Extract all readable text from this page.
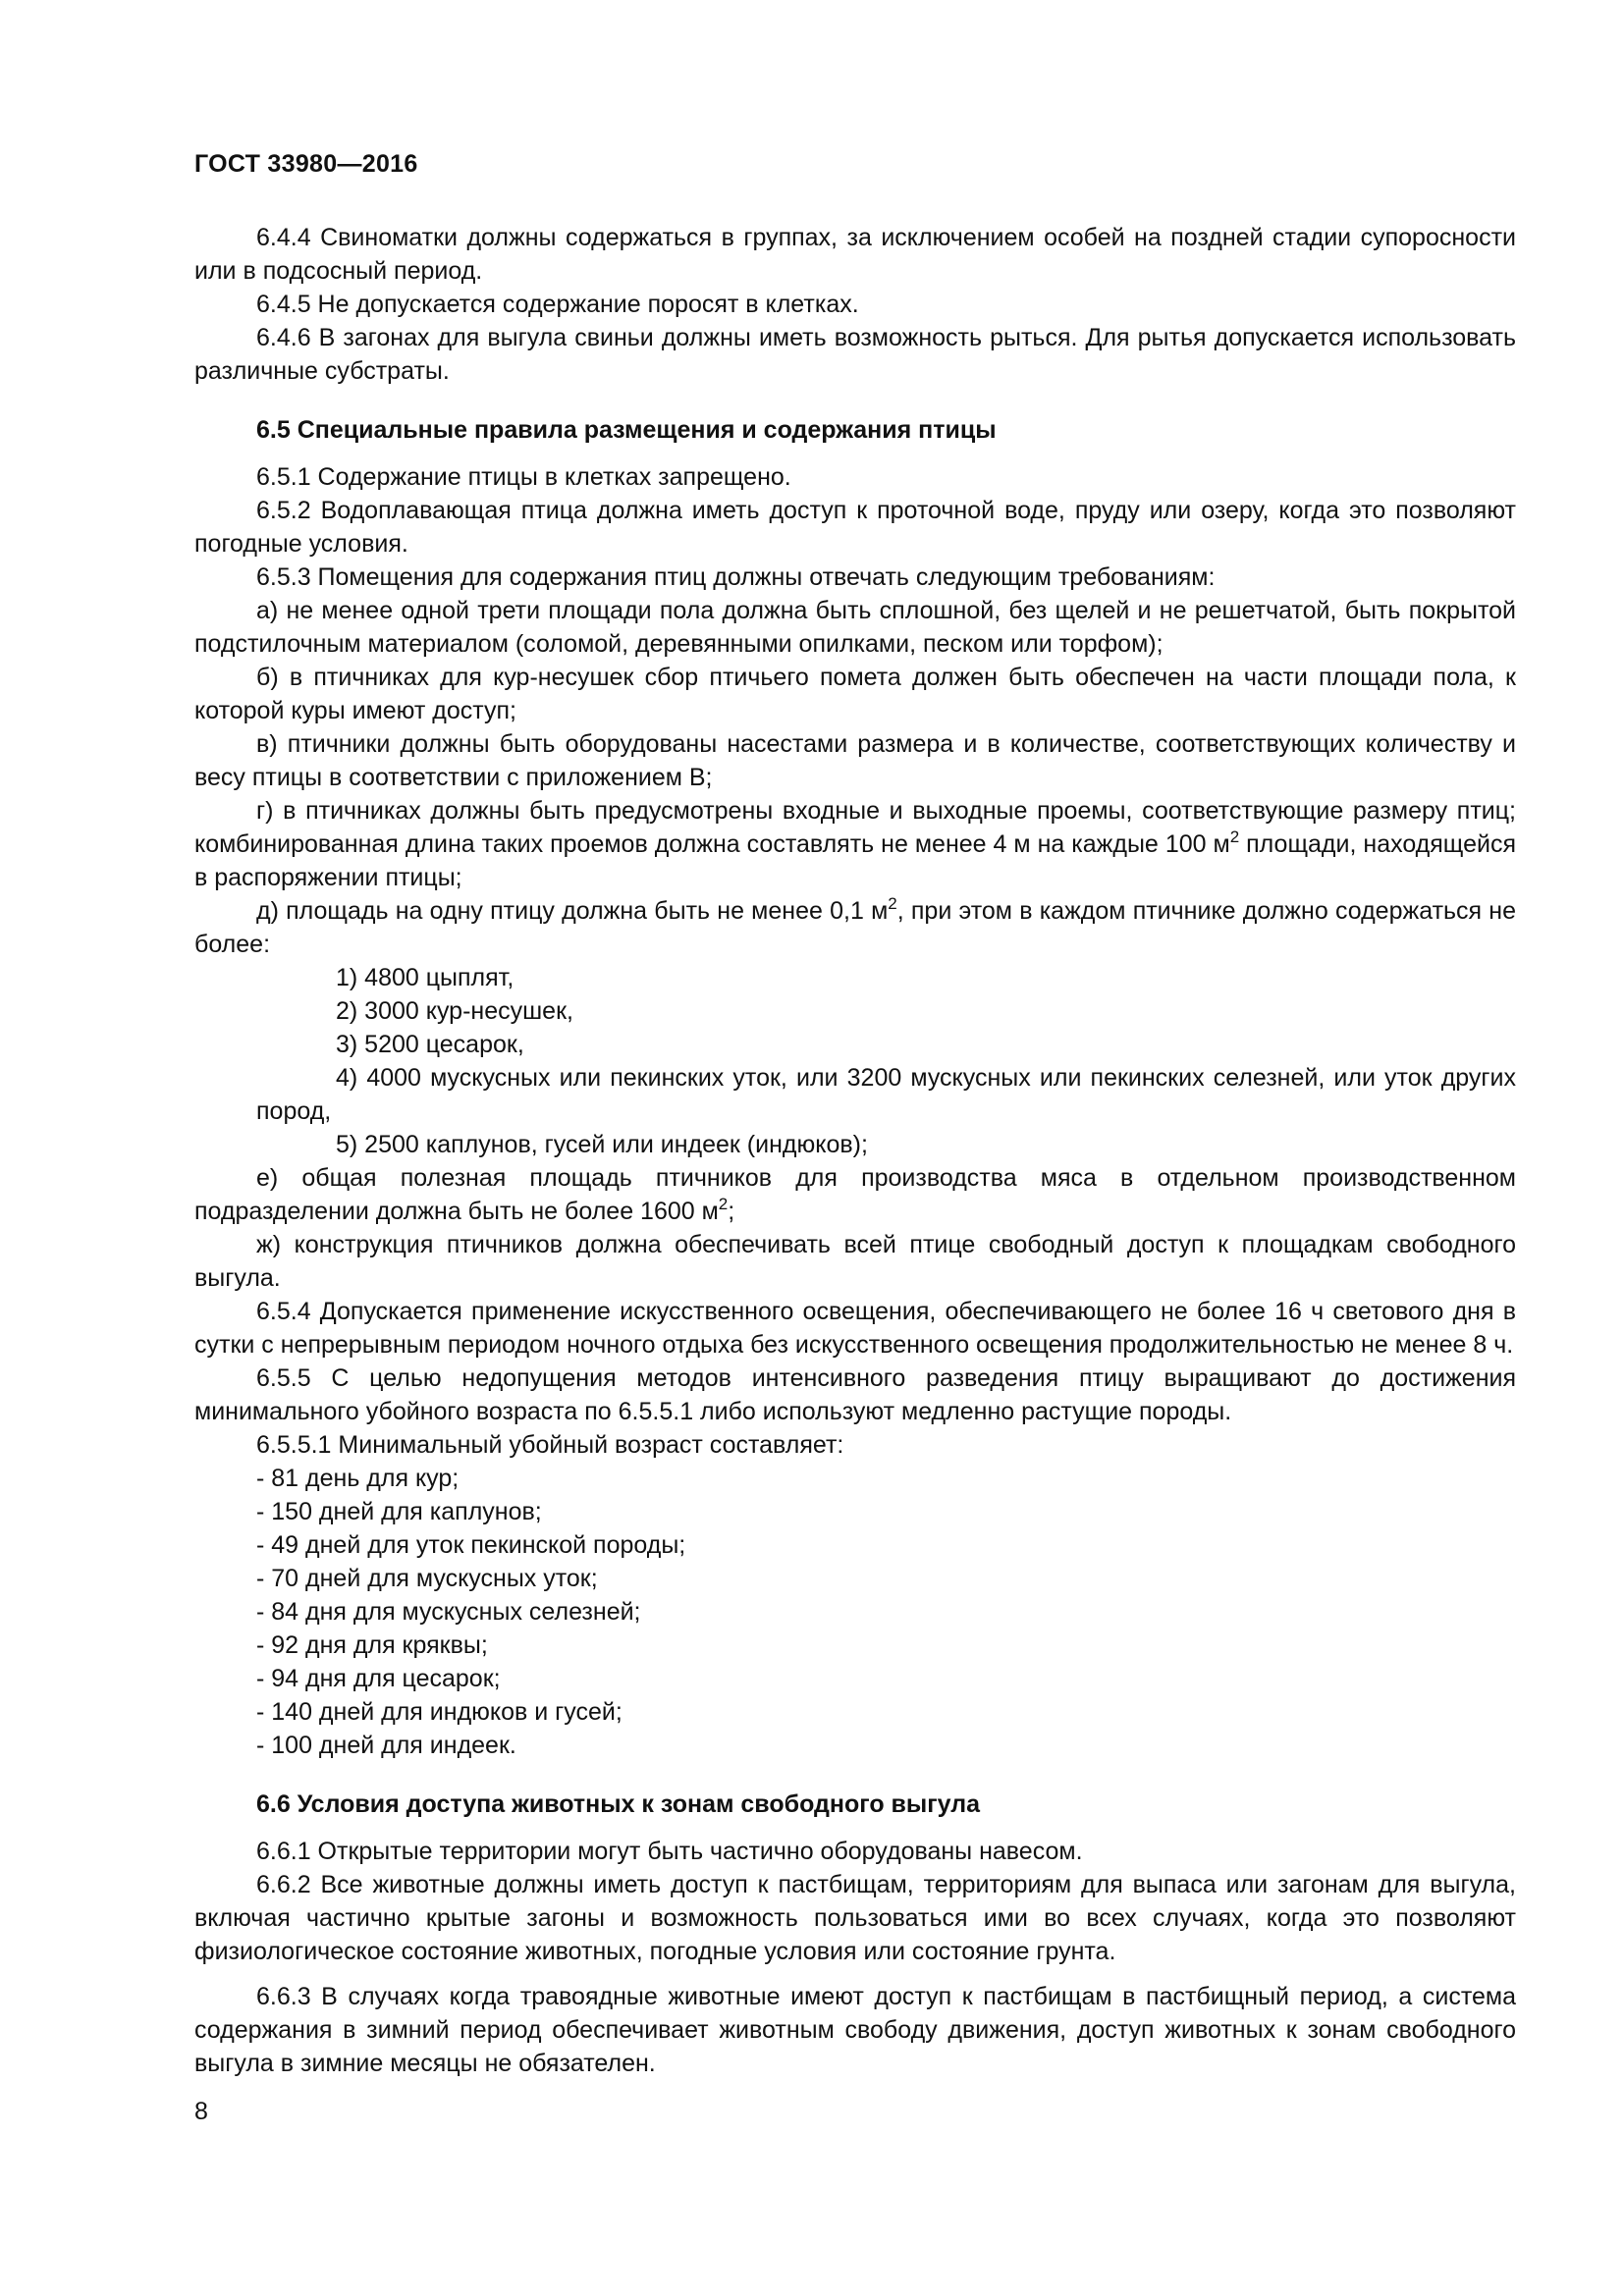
ГОСТ 33980—2016

6.4.4 Свиноматки должны содержаться в группах, за исключением особей на поздней стадии супоросности или в подсосный период.

6.4.5 Не допускается содержание поросят в клетках.

6.4.6 В загонах для выгула свиньи должны иметь возможность рыться. Для рытья допускается использовать различные субстраты.

6.5 Специальные правила размещения и содержания птицы

6.5.1 Содержание птицы в клетках запрещено.

6.5.2 Водоплавающая птица должна иметь доступ к проточной воде, пруду или озеру, когда это позволяют погодные условия.

6.5.3 Помещения для содержания птиц должны отвечать следующим требованиям:

а) не менее одной трети площади пола должна быть сплошной, без щелей и не решетчатой, быть покрытой подстилочным материалом (соломой, деревянными опилками, песком или торфом);

б) в птичниках для кур-несушек сбор птичьего помета должен быть обеспечен на части площади пола, к которой куры имеют доступ;

в) птичники должны быть оборудованы насестами размера и в количестве, соответствующих количеству и весу птицы в соответствии с приложением В;

г) в птичниках должны быть предусмотрены входные и выходные проемы, соответствующие размеру птиц; комбинированная длина таких проемов должна составлять не менее 4 м на каждые 100 $м^2$ площади, находящейся в распоряжении птицы;

д) площадь на одну птицу должна быть не менее 0,1 $м^2$, при этом в каждом птичнике должно содержаться не более:

1) 4800 цыплят,

2) 3000 кур-несушек,

3) 5200 цесарок,

4) 4000 мускусных или пекинских уток, или 3200 мускусных или пекинских селезней, или уток других пород,

5) 2500 каплунов, гусей или индеек (индюков);

е) общая полезная площадь птичников для производства мяса в отдельном производственном подразделении должна быть не более 1600 $м^2$;

ж) конструкция птичников должна обеспечивать всей птице свободный доступ к площадкам свободного выгула.

6.5.4 Допускается применение искусственного освещения, обеспечивающего не более 16 ч светового дня в сутки с непрерывным периодом ночного отдыха без искусственного освещения продолжительностью не менее 8 ч.

6.5.5 С целью недопущения методов интенсивного разведения птицу выращивают до достижения минимального убойного возраста по 6.5.5.1 либо используют медленно растущие породы.

6.5.5.1 Минимальный убойный возраст составляет:

- 81 день для кур;

- 150 дней для каплунов;

- 49 дней для уток пекинской породы;

- 70 дней для мускусных уток;

- 84 дня для мускусных селезней;

- 92 дня для кряквы;

- 94 дня для цесарок;

- 140 дней для индюков и гусей;

- 100 дней для индеек.

6.6 Условия доступа животных к зонам свободного выгула

6.6.1 Открытые территории могут быть частично оборудованы навесом.

6.6.2 Все животные должны иметь доступ к пастбищам, территориям для выпаса или загонам для выгула, включая частично крытые загоны и возможность пользоваться ими во всех случаях, когда это позволяют физиологическое состояние животных, погодные условия или состояние грунта.

6.6.3 В случаях когда травоядные животные имеют доступ к пастбищам в пастбищный период, а система содержания в зимний период обеспечивает животным свободу движения, доступ животных к зонам свободного выгула в зимние месяцы не обязателен.

8
